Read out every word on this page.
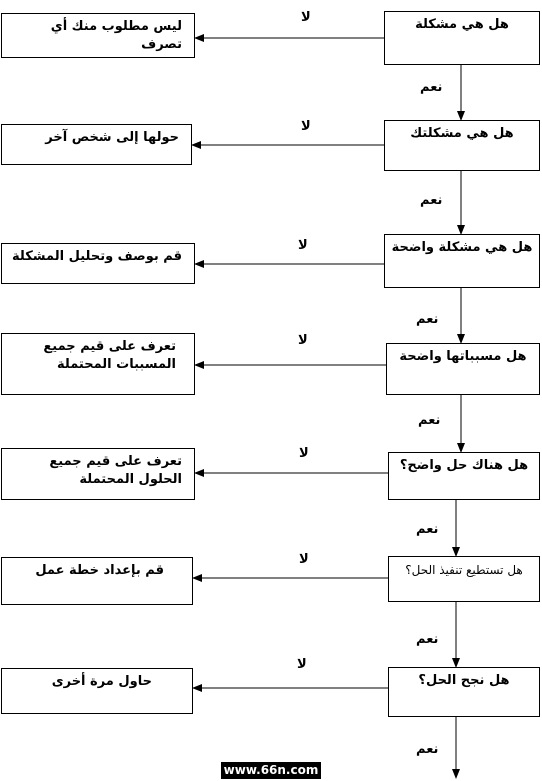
هل هي مشكلة
هل هي مشكلتك
هل هي مشكلة واضحة
هل مسبباتها واضحة
هل هناك حل واضح؟
هل تستطيع تنفيذ الحل؟
هل نجح الحل؟
ليس مطلوب منك أي تصرف
حولها إلى شخص آخر
قم بوصف وتحليل المشكلة
تعرف على قيم جميع المسببات المحتملة
تعرف على قيم جميع الحلول المحتملة
قم بإعداد خطة عمل
حاول مرة أخرى
لا
لا
لا
لا
لا
لا
لا
نعم
نعم
نعم
نعم
نعم
نعم
نعم
www.66n.com
